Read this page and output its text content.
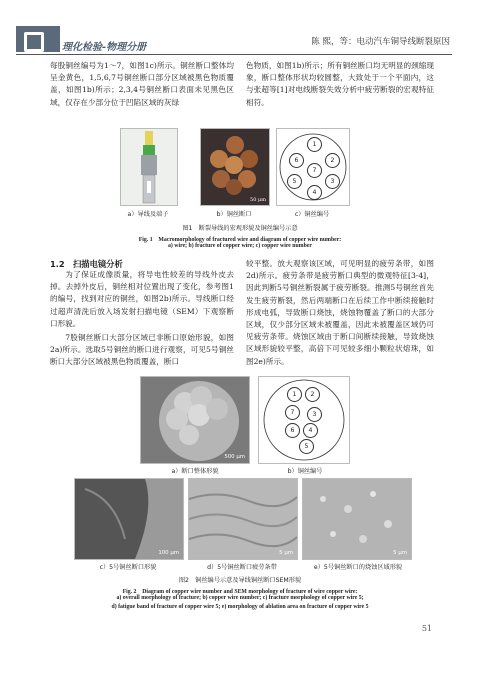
理化检验-物理分册	陈 熙，等：电动汽车铜导线断裂原因

每股铜丝编号为1～7，如图1c)所示。铜丝断口整体均呈金黄色，1,5,6,7号铜丝断口部分区域被黑色物质覆盖，如图1b)所示；2,3,4号铜丝断口表面未见黑色区域，仅存在少部分位于凹陷区域的灰绿

色物质，如图1b)所示；所有铜丝断口均无明显的颈缩现象，断口整体形状均较圆整，大致处于一个平面内，这与张超等[1]对电线断裂失效分析中疲劳断裂的宏观特征相符。

50 μm
1
6	2
7
5	3
4
a）导线及端子	b）铜丝断口	c）铜丝编号
图1　断裂导线的宏观形貌及铜丝编号示意
Fig. 1　Macromorphology of fractured wire and diagram of copper wire number:
a) wire; b) fracture of copper wire; c) copper wire number
1.2　扫描电镜分析

为了保证成像质量，将导电性较差的导线外皮去掉。去掉外皮后，铜丝相对位置出现了变化，参考图1的编号，找到对应的铜丝，如图2b)所示。导线断口经过超声清洗后放入场发射扫描电镜（SEM）下观察断口形貌。

7股铜丝断口大部分区域已非断口原始形貌，如图2a)所示。选取5号铜丝的断口进行观察，可见5号铜丝断口大部分区域被黑色物质覆盖，断口

较平整。放大观察该区域，可见明显的疲劳条带，如图2d)所示。疲劳条带是疲劳断口典型的微观特征[3-4]，因此判断5号铜丝断裂属于疲劳断裂。推测5号铜丝首先发生疲劳断裂，然后两端断口在后续工作中断续接触时形成电弧，导致断口烧蚀，烧蚀物覆盖了断口的大部分区域，仅少部分区域未被覆盖，因此未被覆盖区域仍可见疲劳条带。烧蚀区域由于断口间断续接触，导致烧蚀区域形貌较平整，高倍下可见较多细小颗粒状熔珠，如图2e)所示。

500 μm
1	2
7	3
6	4
5
a）断口整体形貌	b）铜丝编号
100 μm	5 μm	5 μm
c）5号铜丝断口形貌	d）5号铜丝断口疲劳条带	e）5号铜丝断口的烧蚀区域形貌
图2　铜丝编号示意及导线铜丝断口SEM形貌
Fig. 2　Diagram of copper wire number and SEM morphology of fracture of wire copper wire:
a) overall morphology of fracture; b) copper wire number; c) fracture morphology of copper wire 5;
d) fatigue band of fracture of copper wire 5; e) morphology of ablation area on fracture of copper wire 5
51
